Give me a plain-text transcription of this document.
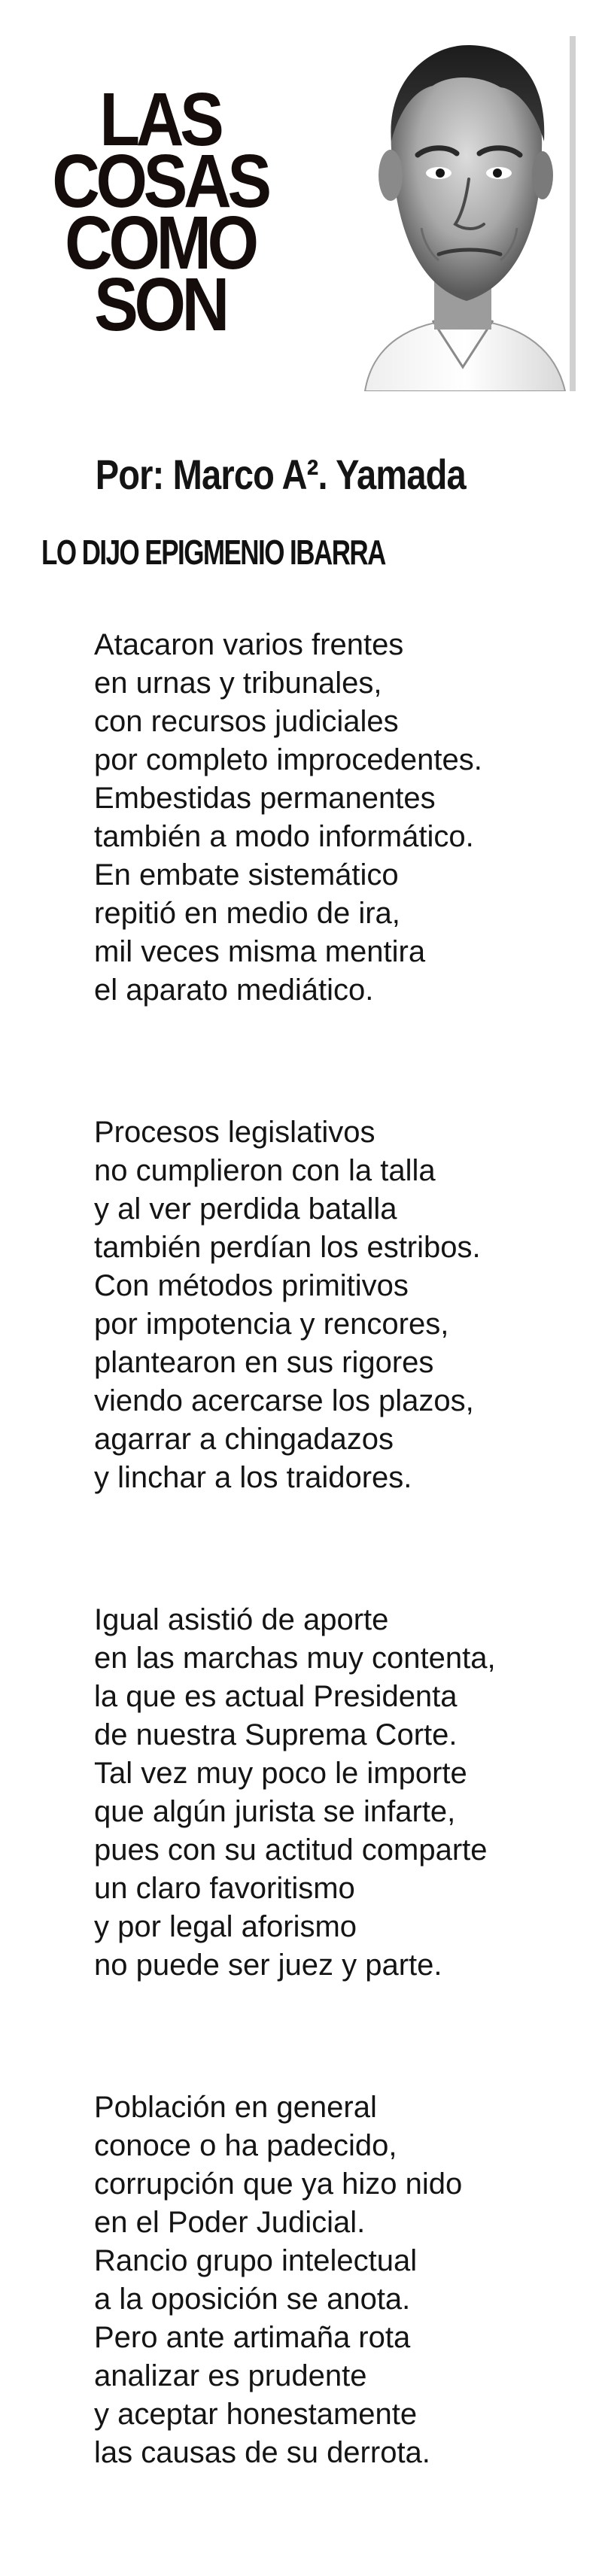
LAS
COSAS
COMO
SON
Por: Marco A². Yamada
LO DIJO EPIGMENIO IBARRA
Atacaron varios frentes
en urnas y tribunales,
con recursos judiciales
por completo improcedentes.
Embestidas permanentes
también a modo informático.
En embate sistemático
repitió en medio de ira,
mil veces misma mentira
el aparato mediático.
Procesos legislativos
no cumplieron con la talla
y al ver perdida batalla
también perdían los estribos.
Con métodos primitivos
por impotencia y rencores,
plantearon en sus rigores
viendo acercarse los plazos,
agarrar a chingadazos
y linchar a los traidores.
Igual asistió de aporte
en las marchas muy contenta,
la que es actual Presidenta
de nuestra Suprema Corte.
Tal vez muy poco le importe
que algún jurista se infarte,
pues con su actitud comparte
un claro favoritismo
y por legal aforismo
no puede ser juez y parte.
Población en general
conoce o ha padecido,
corrupción que ya hizo nido
en el Poder Judicial.
Rancio grupo intelectual
a la oposición se anota.
Pero ante artimaña rota
analizar es prudente
y aceptar honestamente
las causas de su derrota.
